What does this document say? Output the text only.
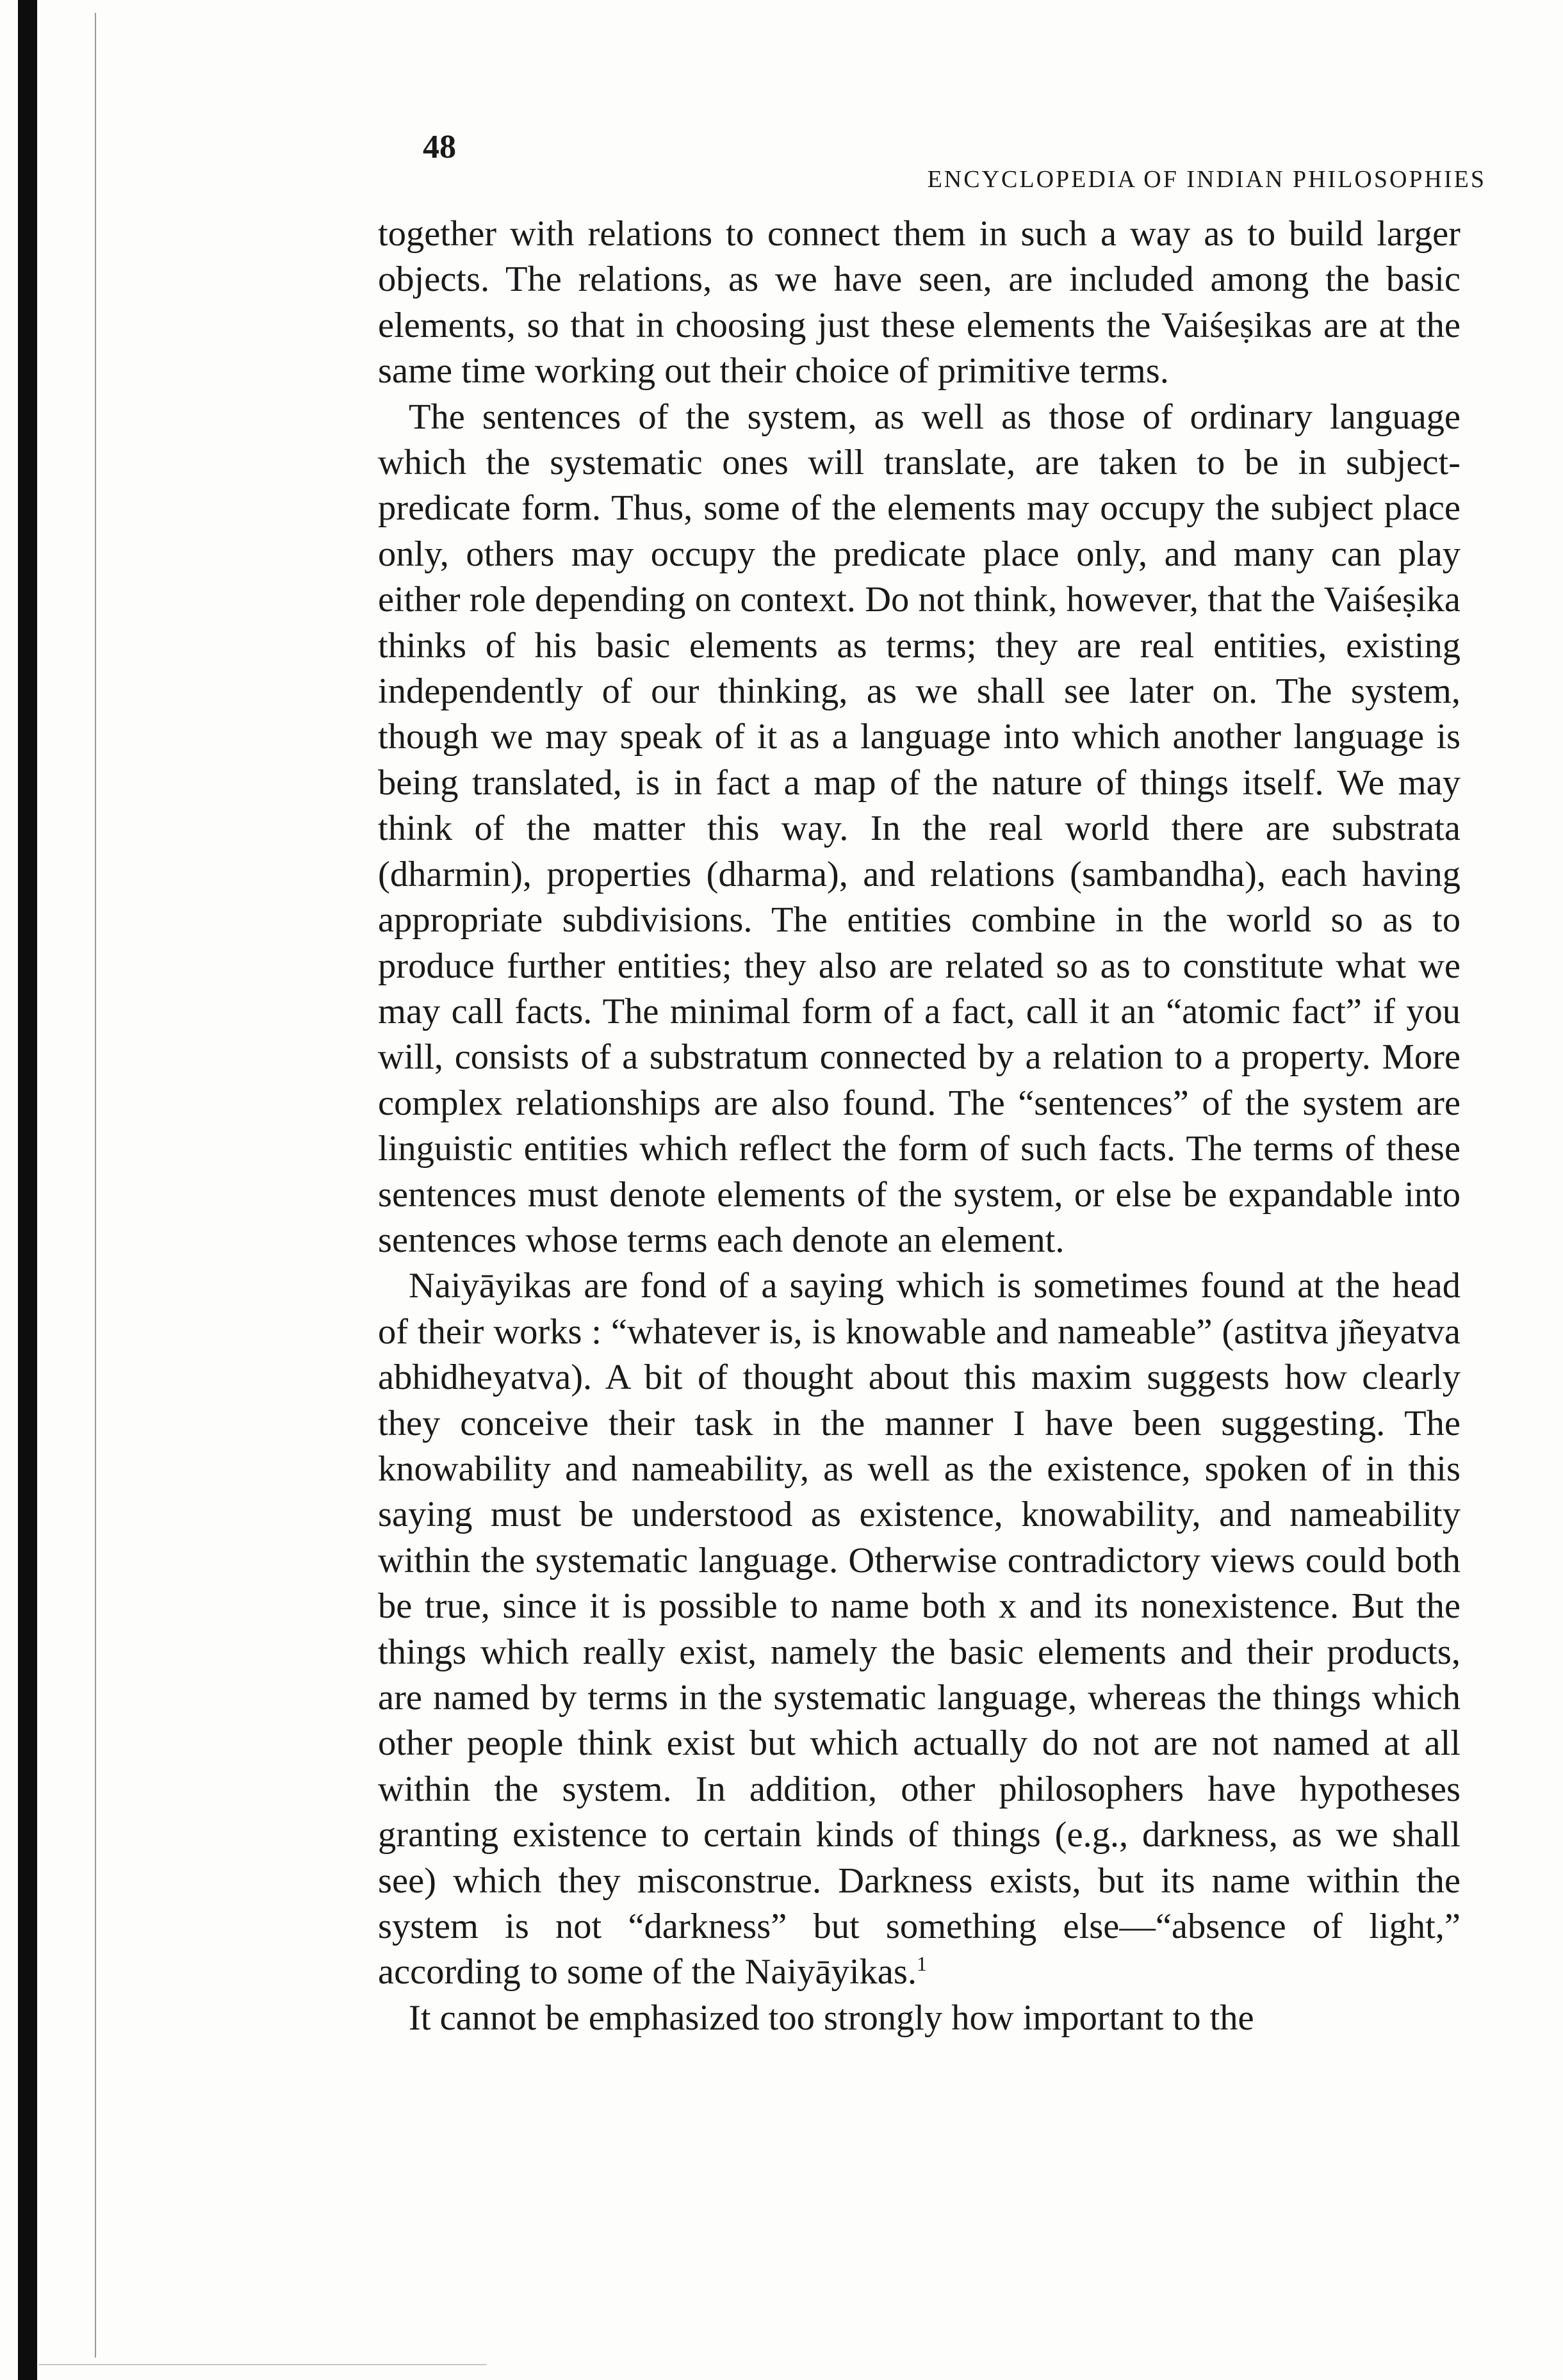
48
ENCYCLOPEDIA OF INDIAN PHILOSOPHIES

together with relations to connect them in such a way as to build larger objects. The relations, as we have seen, are included among the basic elements, so that in choosing just these elements the Vaiśeṣikas are at the same time working out their choice of primitive terms.

The sentences of the system, as well as those of ordinary language which the systematic ones will translate, are taken to be in subject-predicate form. Thus, some of the elements may occupy the subject place only, others may occupy the predicate place only, and many can play either role depending on context. Do not think, however, that the Vaiśeṣika thinks of his basic elements as terms; they are real entities, existing independently of our thinking, as we shall see later on. The system, though we may speak of it as a language into which another language is being translated, is in fact a map of the nature of things itself. We may think of the matter this way. In the real world there are substrata (dharmin), properties (dharma), and relations (sambandha), each having appropriate subdivisions. The entities combine in the world so as to produce further entities; they also are related so as to constitute what we may call facts. The minimal form of a fact, call it an “atomic fact” if you will, consists of a substratum connected by a relation to a property. More complex relationships are also found. The “sentences” of the system are linguistic entities which reflect the form of such facts. The terms of these sentences must denote elements of the system, or else be expandable into sentences whose terms each denote an element.

Naiyāyikas are fond of a saying which is sometimes found at the head of their works : “whatever is, is knowable and nameable” (astitva jñeyatva abhidheyatva). A bit of thought about this maxim suggests how clearly they conceive their task in the manner I have been suggesting. The knowability and nameability, as well as the existence, spoken of in this saying must be understood as existence, knowability, and nameability within the systematic language. Otherwise contradictory views could both be true, since it is possible to name both x and its nonexistence. But the things which really exist, namely the basic elements and their products, are named by terms in the systematic language, whereas the things which other people think exist but which actually do not are not named at all within the system. In addition, other philosophers have hypotheses granting existence to certain kinds of things (e.g., darkness, as we shall see) which they misconstrue. Darkness exists, but its name within the system is not “darkness” but something else—“absence of light,” according to some of the Naiyāyikas.$^1$

It cannot be emphasized too strongly how important to the
